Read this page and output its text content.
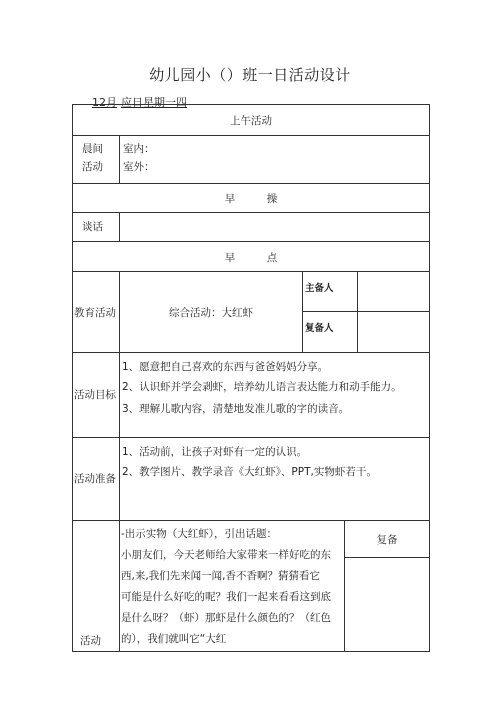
幼儿园小（）班一日活动设计
12月 应日星期一四
上午活动
晨间
活动
室内：
室外：
早　　　操
谈话
早　　　点
教育活动	综合活动：大红虾
主备人
复备人
活动目标
1、愿意把自己喜欢的东西与爸爸妈妈分享。
2、认识虾并学会剥虾，培养幼儿语言表达能力和动手能力。
3、理解儿歌内容，清楚地发准儿歌的字的读音。
活动准备
1、活动前，让孩子对虾有一定的认识。
2、教学图片、教学录音《大红虾》、PPT,实物虾若干。
复备
活动
-出示实物（大红虾），引出话题：
小朋友们，今天老师给大家带来一样好吃的东
西,来,我们先来闻一闻,香不香啊？猜猜看它
可能是什么好吃的呢？我们一起来看看这到底
是什么呀？（虾）那虾是什么颜色的？（红色
的），我们就叫它“大红
